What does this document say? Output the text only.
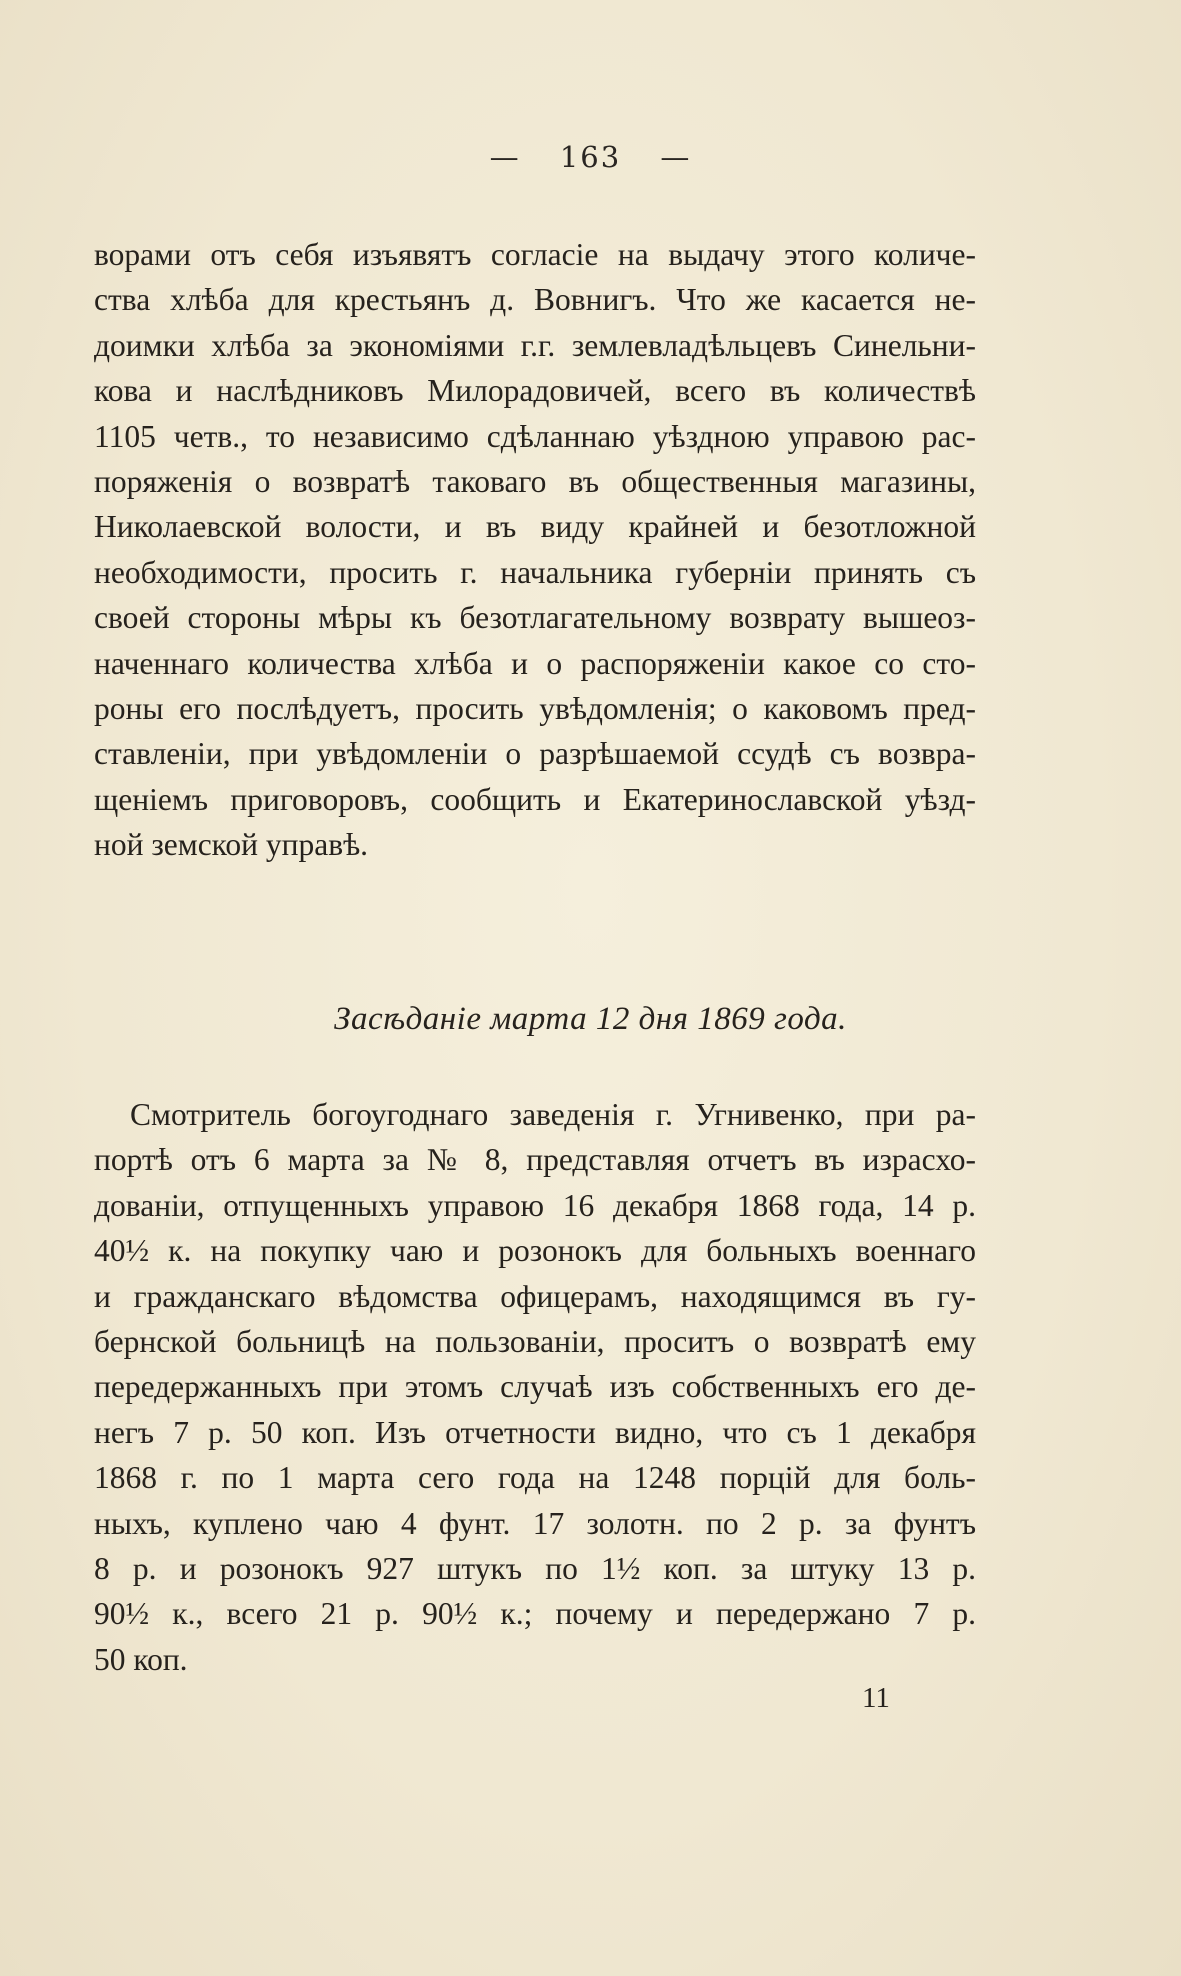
— 163 —
ворами отъ себя изъявятъ согласіе на выдачу этого количе-
ства хлѣба для крестьянъ д. Вовнигъ. Что же касается не-
доимки хлѣба за экономіями г.г. землевладѣльцевъ Синельни-
кова и наслѣдниковъ Милорадовичей, всего въ количествѣ
1105 четв., то независимо сдѣланнаю уѣздною управою рас-
поряженія о возвратѣ таковаго въ общественныя магазины,
Николаевской волости, и въ виду крайней и безотложной
необходимости, просить г. начальника губерніи принять съ
своей стороны мѣры къ безотлагательному возврату вышеоз-
наченнаго количества хлѣба и о распоряженіи какое со сто-
роны его послѣдуетъ, просить увѣдомленія; о каковомъ пред-
ставленіи, при увѣдомленіи о разрѣшаемой ссудѣ съ возвра-
щеніемъ приговоровъ, сообщить и Екатеринославской уѣзд-
ной земской управѣ.
Засѣданіе марта 12 дня 1869 года.
Смотритель богоугоднаго заведенія г. Угнивенко, при ра-
портѣ отъ 6 марта за № 8, представляя отчетъ въ израсхо-
дованіи, отпущенныхъ управою 16 декабря 1868 года, 14 р.
40½ к. на покупку чаю и розонокъ для больныхъ военнаго
и гражданскаго вѣдомства офицерамъ, находящимся въ гу-
бернской больницѣ на пользованіи, проситъ о возвратѣ ему
передержанныхъ при этомъ случаѣ изъ собственныхъ его де-
негъ 7 р. 50 коп. Изъ отчетности видно, что съ 1 декабря
1868 г. по 1 марта сего года на 1248 порцій для боль-
ныхъ, куплено чаю 4 фунт. 17 золотн. по 2 р. за фунтъ
8 р. и розонокъ 927 штукъ по 1½ коп. за штуку 13 р.
90½ к., всего 21 р. 90½ к.; почему и передержано 7 р.
50 коп.
11
